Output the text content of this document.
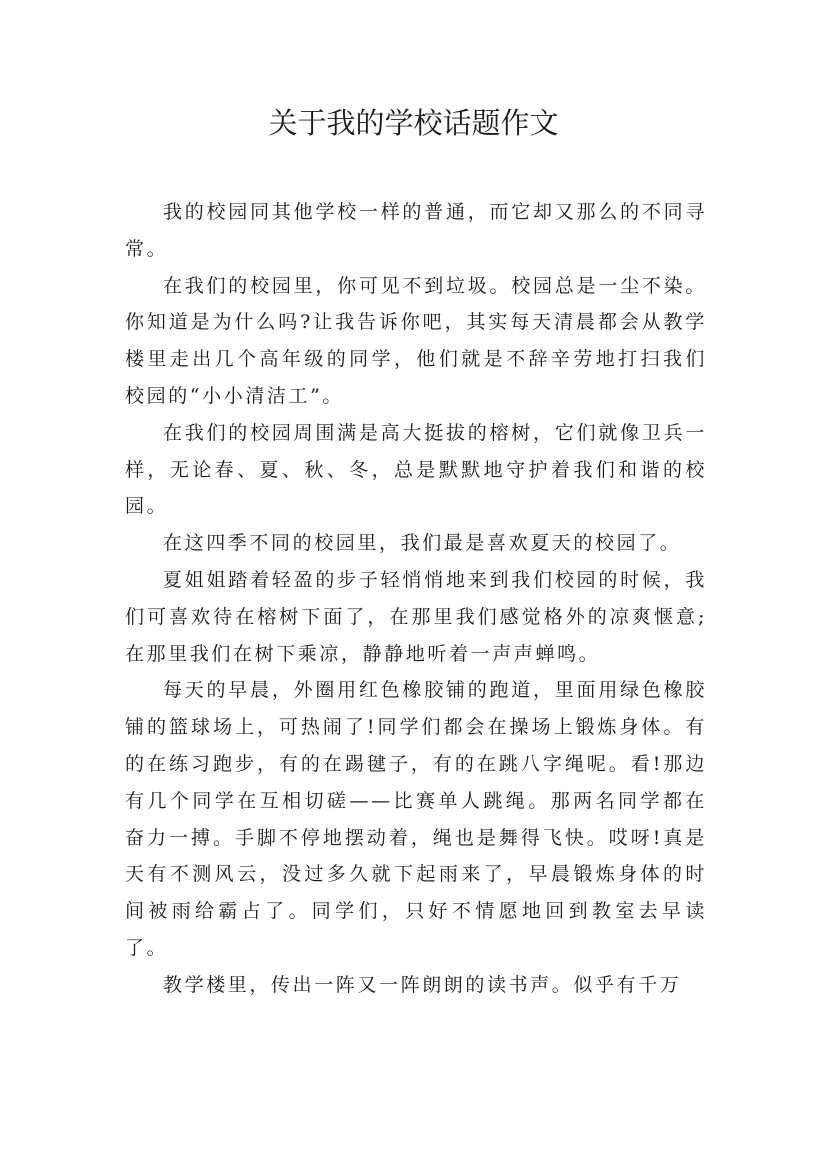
关于我的学校话题作文

我的校园同其他学校一样的普通，而它却又那么的不同寻常。

在我们的校园里，你可见不到垃圾。校园总是一尘不染。你知道是为什么吗?让我告诉你吧，其实每天清晨都会从教学楼里走出几个高年级的同学，他们就是不辞辛劳地打扫我们校园的“小小清洁工”。

在我们的校园周围满是高大挺拔的榕树，它们就像卫兵一样，无论春、夏、秋、冬，总是默默地守护着我们和谐的校园。

在这四季不同的校园里，我们最是喜欢夏天的校园了。

夏姐姐踏着轻盈的步子轻悄悄地来到我们校园的时候，我们可喜欢待在榕树下面了，在那里我们感觉格外的凉爽惬意;在那里我们在树下乘凉，静静地听着一声声蝉鸣。

每天的早晨，外圈用红色橡胶铺的跑道，里面用绿色橡胶铺的篮球场上，可热闹了!同学们都会在操场上锻炼身体。有的在练习跑步，有的在踢毽子，有的在跳八字绳呢。看!那边有几个同学在互相切磋——比赛单人跳绳。那两名同学都在奋力一搏。手脚不停地摆动着，绳也是舞得飞快。哎呀!真是天有不测风云，没过多久就下起雨来了，早晨锻炼身体的时间被雨给霸占了。同学们，只好不情愿地回到教室去早读了。

教学楼里，传出一阵又一阵朗朗的读书声。似乎有千万
